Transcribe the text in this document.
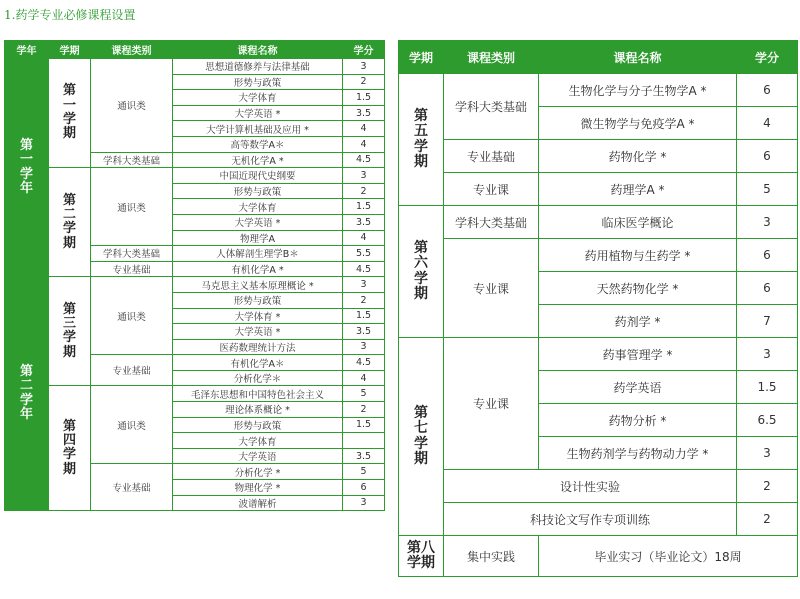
1.药学专业必修课程设置
学年	学期	课程类别	课程名称	学分
第一学年	第一学期	通识类	思想道德修养与法律基础	3
			形势与政策	2
			大学体育	1.5
			大学英语 *	3.5
			大学计算机基础及应用 *	4
			高等数学A＊	4
		学科大类基础	无机化学A *	4.5
	第二学期	通识类	中国近现代史纲要	3
			形势与政策	2
			大学体育	1.5
			大学英语 *	3.5
			物理学A	4
		学科大类基础	人体解剖生理学B＊	5.5
		专业基础	有机化学A *	4.5
第二学年	第三学期	通识类	马克思主义基本原理概论 *	3
			形势与政策	2
			大学体育 *	1.5
			大学英语 *	3.5
			医药数理统计方法	3
		专业基础	有机化学A＊	4.5
			分析化学＊	4
	第四学期	通识类	毛泽东思想和中国特色社会主义	5
			理论体系概论 *	2
			形势与政策	1.5
			大学体育	
			大学英语	3.5
		专业基础	分析化学 *	5
			物理化学 *	6
			波谱解析	3
学期	课程类别	课程名称	学分
第五学期	学科大类基础	生物化学与分子生物学A *	6
		微生物学与免疫学A *	4
	专业基础	药物化学 *	6
	专业课	药理学A *	5
第六学期	学科大类基础	临床医学概论	3
	专业课	药用植物与生药学 *	6
		天然药物化学 *	6
		药剂学 *	7
第七学期	专业课	药事管理学 *	3
		药学英语	1.5
		药物分析 *	6.5
		生物药剂学与药物动力学 *	3
	设计性实验		2
	科技论文写作专项训练		2
第八学期	集中实践	毕业实习（毕业论文）18周	
